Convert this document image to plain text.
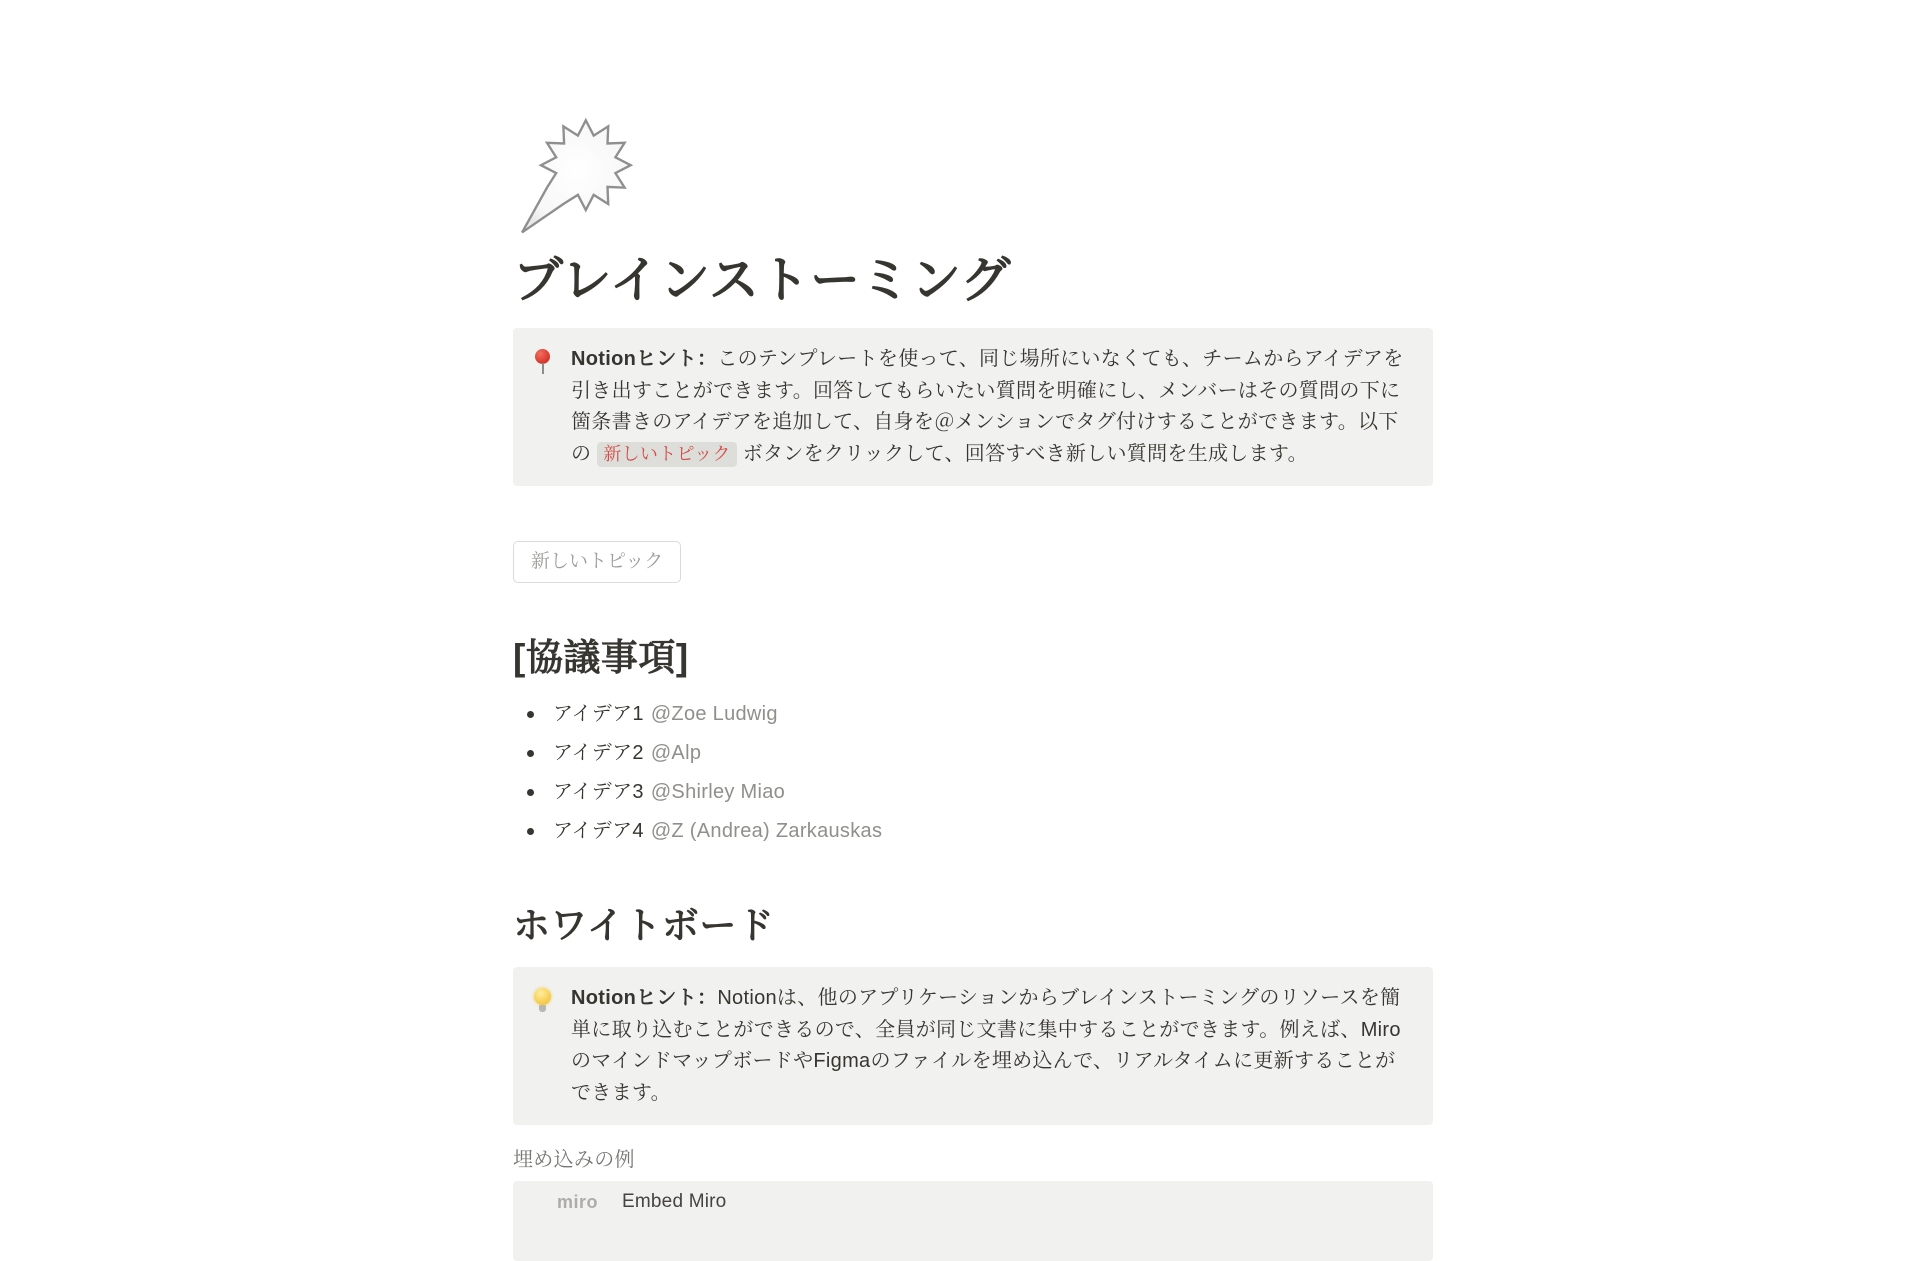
ブレインストーミング

Notionヒント：このテンプレートを使って、同じ場所にいなくても、チームからアイデアを引き出すことができます。回答してもらいたい質問を明確にし、メンバーはその質問の下に箇条書きのアイデアを追加して、自身を＠メンションでタグ付けすることができます。以下の 新しいトピック ボタンをクリックして、回答すべき新しい質問を生成します。

新しいトピック
[協議事項]
アイデア1 @Zoe Ludwig
アイデア2 @Alp
アイデア3 @Shirley Miao
アイデア4 @Z (Andrea) Zarkauskas
ホワイトボード

Notionヒント：Notionは、他のアプリケーションからブレインストーミングのリソースを簡単に取り込むことができるので、全員が同じ文書に集中することができます。例えば、MiroのマインドマップボードやFigmaのファイルを埋め込んで、リアルタイムに更新することができます。

埋め込みの例

miro Embed Miro
